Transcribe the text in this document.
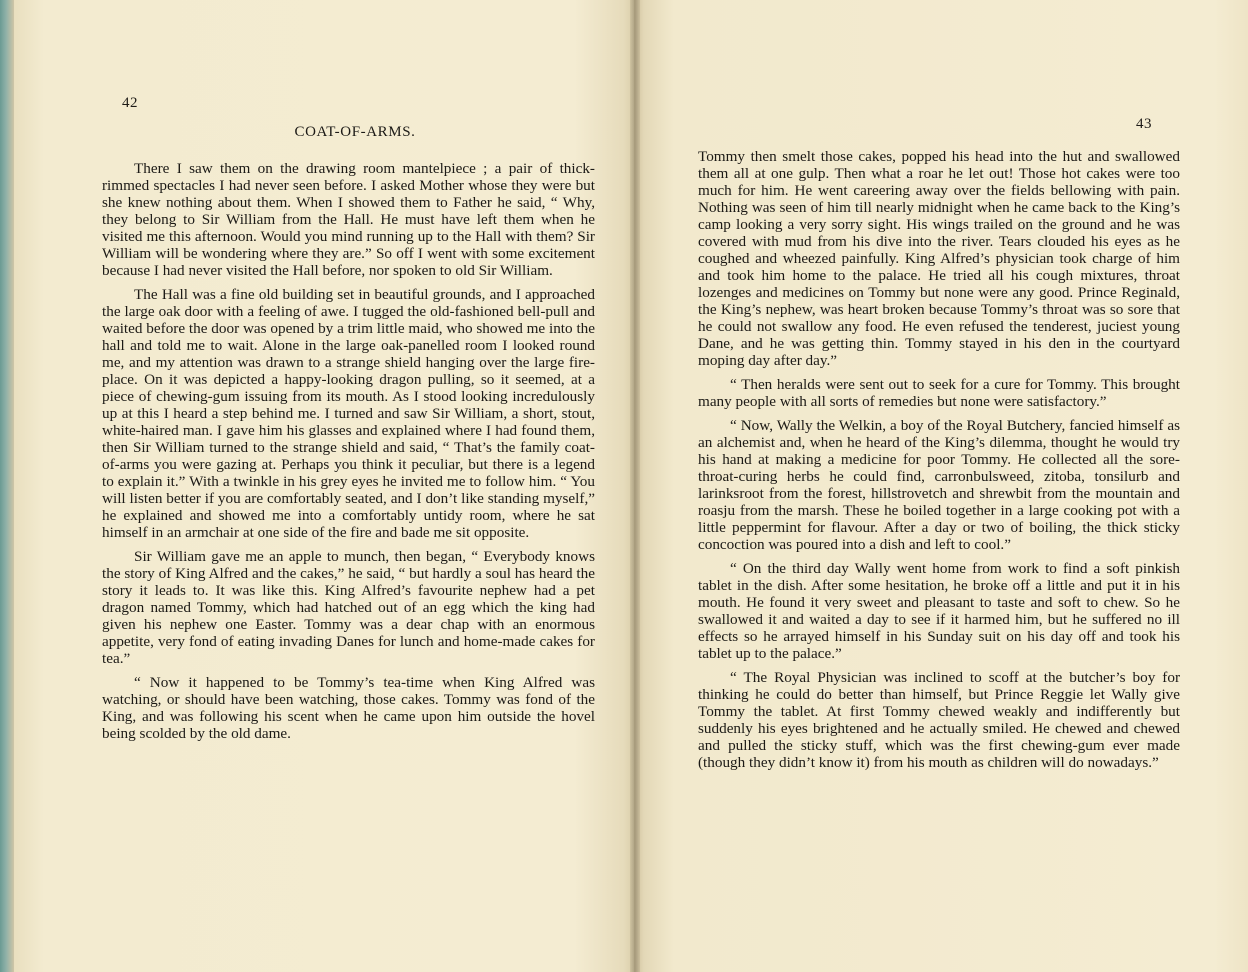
42
COAT-OF-ARMS.

There I saw them on the drawing room mantelpiece ; a pair of thick-rimmed spectacles I had never seen before. I asked Mother whose they were but she knew nothing about them. When I showed them to Father he said, “ Why, they belong to Sir William from the Hall. He must have left them when he visited me this afternoon. Would you mind running up to the Hall with them? Sir William will be wondering where they are.” So off I went with some excitement because I had never visited the Hall before, nor spoken to old Sir William.

The Hall was a fine old building set in beautiful grounds, and I approached the large oak door with a feeling of awe. I tugged the old-fashioned bell-pull and waited before the door was opened by a trim little maid, who showed me into the hall and told me to wait. Alone in the large oak-panelled room I looked round me, and my attention was drawn to a strange shield hanging over the large fire-place. On it was depicted a happy-looking dragon pulling, so it seemed, at a piece of chewing-gum issuing from its mouth. As I stood looking incredulously up at this I heard a step behind me. I turned and saw Sir William, a short, stout, white-haired man. I gave him his glasses and explained where I had found them, then Sir William turned to the strange shield and said, “ That’s the family coat-of-arms you were gazing at. Perhaps you think it peculiar, but there is a legend to explain it.” With a twinkle in his grey eyes he invited me to follow him. “ You will listen better if you are comfortably seated, and I don’t like standing myself,” he explained and showed me into a comfortably untidy room, where he sat himself in an armchair at one side of the fire and bade me sit opposite.

Sir William gave me an apple to munch, then began, “ Everybody knows the story of King Alfred and the cakes,” he said, “ but hardly a soul has heard the story it leads to. It was like this. King Alfred’s favourite nephew had a pet dragon named Tommy, which had hatched out of an egg which the king had given his nephew one Easter. Tommy was a dear chap with an enormous appetite, very fond of eating invading Danes for lunch and home-made cakes for tea.”

“ Now it happened to be Tommy’s tea-time when King Alfred was watching, or should have been watching, those cakes. Tommy was fond of the King, and was following his scent when he came upon him outside the hovel being scolded by the old dame.

43

Tommy then smelt those cakes, popped his head into the hut and swallowed them all at one gulp. Then what a roar he let out! Those hot cakes were too much for him. He went careering away over the fields bellowing with pain. Nothing was seen of him till nearly midnight when he came back to the King’s camp looking a very sorry sight. His wings trailed on the ground and he was covered with mud from his dive into the river. Tears clouded his eyes as he coughed and wheezed painfully. King Alfred’s physician took charge of him and took him home to the palace. He tried all his cough mixtures, throat lozenges and medicines on Tommy but none were any good. Prince Reginald, the King’s nephew, was heart broken because Tommy’s throat was so sore that he could not swallow any food. He even refused the tenderest, juciest young Dane, and he was getting thin. Tommy stayed in his den in the courtyard moping day after day.”

“ Then heralds were sent out to seek for a cure for Tommy. This brought many people with all sorts of remedies but none were satisfactory.”

“ Now, Wally the Welkin, a boy of the Royal Butchery, fancied himself as an alchemist and, when he heard of the King’s dilemma, thought he would try his hand at making a medicine for poor Tommy. He collected all the sore-throat-curing herbs he could find, carronbulsweed, zitoba, tonsilurb and larinksroot from the forest, hillstrovetch and shrewbit from the mountain and roasju from the marsh. These he boiled together in a large cooking pot with a little peppermint for flavour. After a day or two of boiling, the thick sticky concoction was poured into a dish and left to cool.”

“ On the third day Wally went home from work to find a soft pinkish tablet in the dish. After some hesitation, he broke off a little and put it in his mouth. He found it very sweet and pleasant to taste and soft to chew. So he swallowed it and waited a day to see if it harmed him, but he suffered no ill effects so he arrayed himself in his Sunday suit on his day off and took his tablet up to the palace.”

“ The Royal Physician was inclined to scoff at the butcher’s boy for thinking he could do better than himself, but Prince Reggie let Wally give Tommy the tablet. At first Tommy chewed weakly and indifferently but suddenly his eyes brightened and he actually smiled. He chewed and chewed and pulled the sticky stuff, which was the first chewing-gum ever made (though they didn’t know it) from his mouth as children will do nowadays.”
